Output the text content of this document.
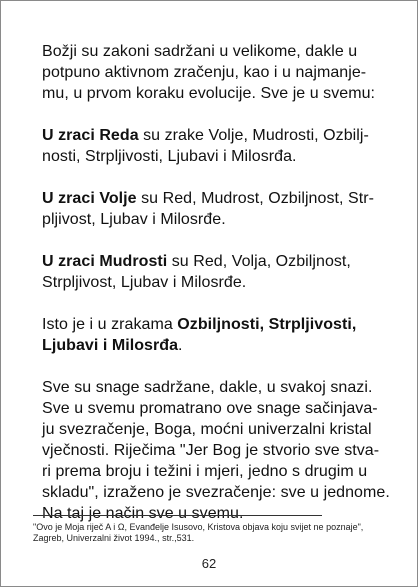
Božji su zakoni sadržani u velikome, dakle u
potpuno aktivnom zračenju, kao i u najmanje-
mu, u prvom koraku evolucije. Sve je u svemu:
U zraci Reda su zrake Volje, Mudrosti, Ozbilj-
nosti, Strpljivosti, Ljubavi i Milosrđa.
U zraci Volje su Red, Mudrost, Ozbiljnost, Str-
pljivost, Ljubav i Milosrđe.
U zraci Mudrosti su Red, Volja, Ozbiljnost,
Strpljivost, Ljubav i Milosrđe.
Isto je i u zrakama Ozbiljnosti, Strpljivosti,
Ljubavi i Milosrđa.
Sve su snage sadržane, dakle, u svakoj snazi.
Sve u svemu promatrano ove snage sačinjava-
ju svezračenje, Boga, moćni univerzalni kristal
vječnosti. Riječima "Jer Bog je stvorio sve stva-
ri prema broju i težini i mjeri, jedno s drugim u
skladu", izraženo je svezračenje: sve u jednome.
Na taj je način sve u svemu.
"Ovo je Moja riječ A i Ω, Evanđelje Isusovo, Kristova objava koju svijet ne poznaje",
Zagreb, Univerzalni život 1994., str.,531.
62
